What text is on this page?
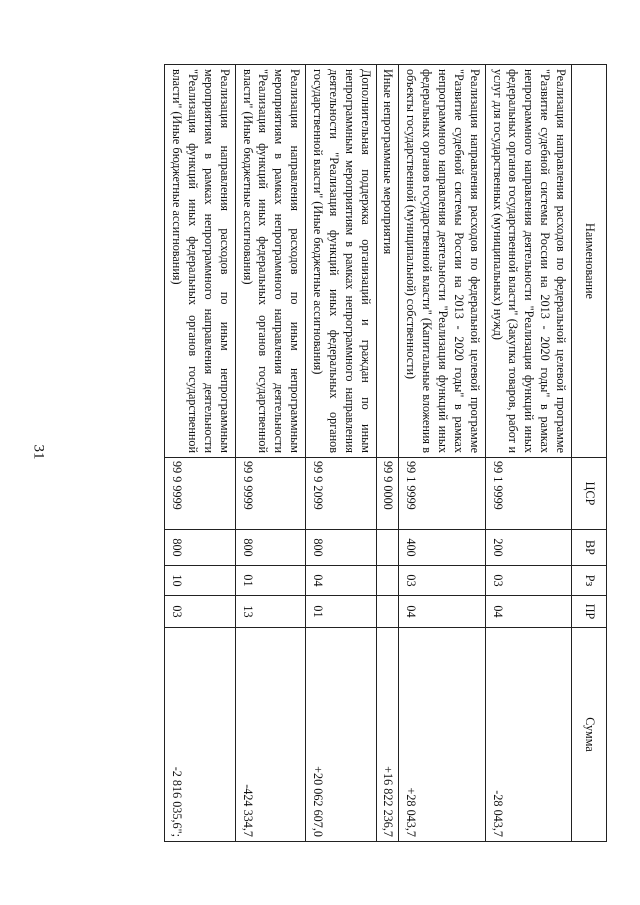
31
Наименование	ЦСР	ВР	Рз	ПР	Сумма
Реализация направления расходов по федеральной целевой программе "Развитие судебной системы России на 2013 - 2020 годы" в рамках непрограммного направления деятельности "Реализация функций иных федеральных органов государственной власти" (Закупка товаров, работ и услуг для государственных (муниципальных) нужд)	99 1 9999	200	03	04	-28 043,7
Реализация направления расходов по федеральной целевой программе "Развитие судебной системы России на 2013 - 2020 годы" в рамках непрограммного направления деятельности "Реализация функций иных федеральных органов государственной власти" (Капитальные вложения в объекты государственной (муниципальной) собственности)	99 1 9999	400	03	04	+28 043,7
Иные непрограммные мероприятия	99 9 0000				+16 822 236,7
Дополнительная поддержка организаций и граждан по иным непрограммным мероприятиям в рамках непрограммного направления деятельности "Реализация функций иных федеральных органов государственной власти" (Иные бюджетные ассигнования)	99 9 2099	800	04	01	+20 062 607,0
Реализация направления расходов по иным непрограммным мероприятиям в рамках непрограммного направления деятельности "Реализация функций иных федеральных органов государственной власти" (Иные бюджетные ассигнования)	99 9 9999	800	01	13	-424 334,7
Реализация направления расходов по иным непрограммным мероприятиям в рамках непрограммного направления деятельности "Реализация функций иных федеральных органов государственной власти" (Иные бюджетные ассигнования)	99 9 9999	800	10	03	-2 816 035,6";
